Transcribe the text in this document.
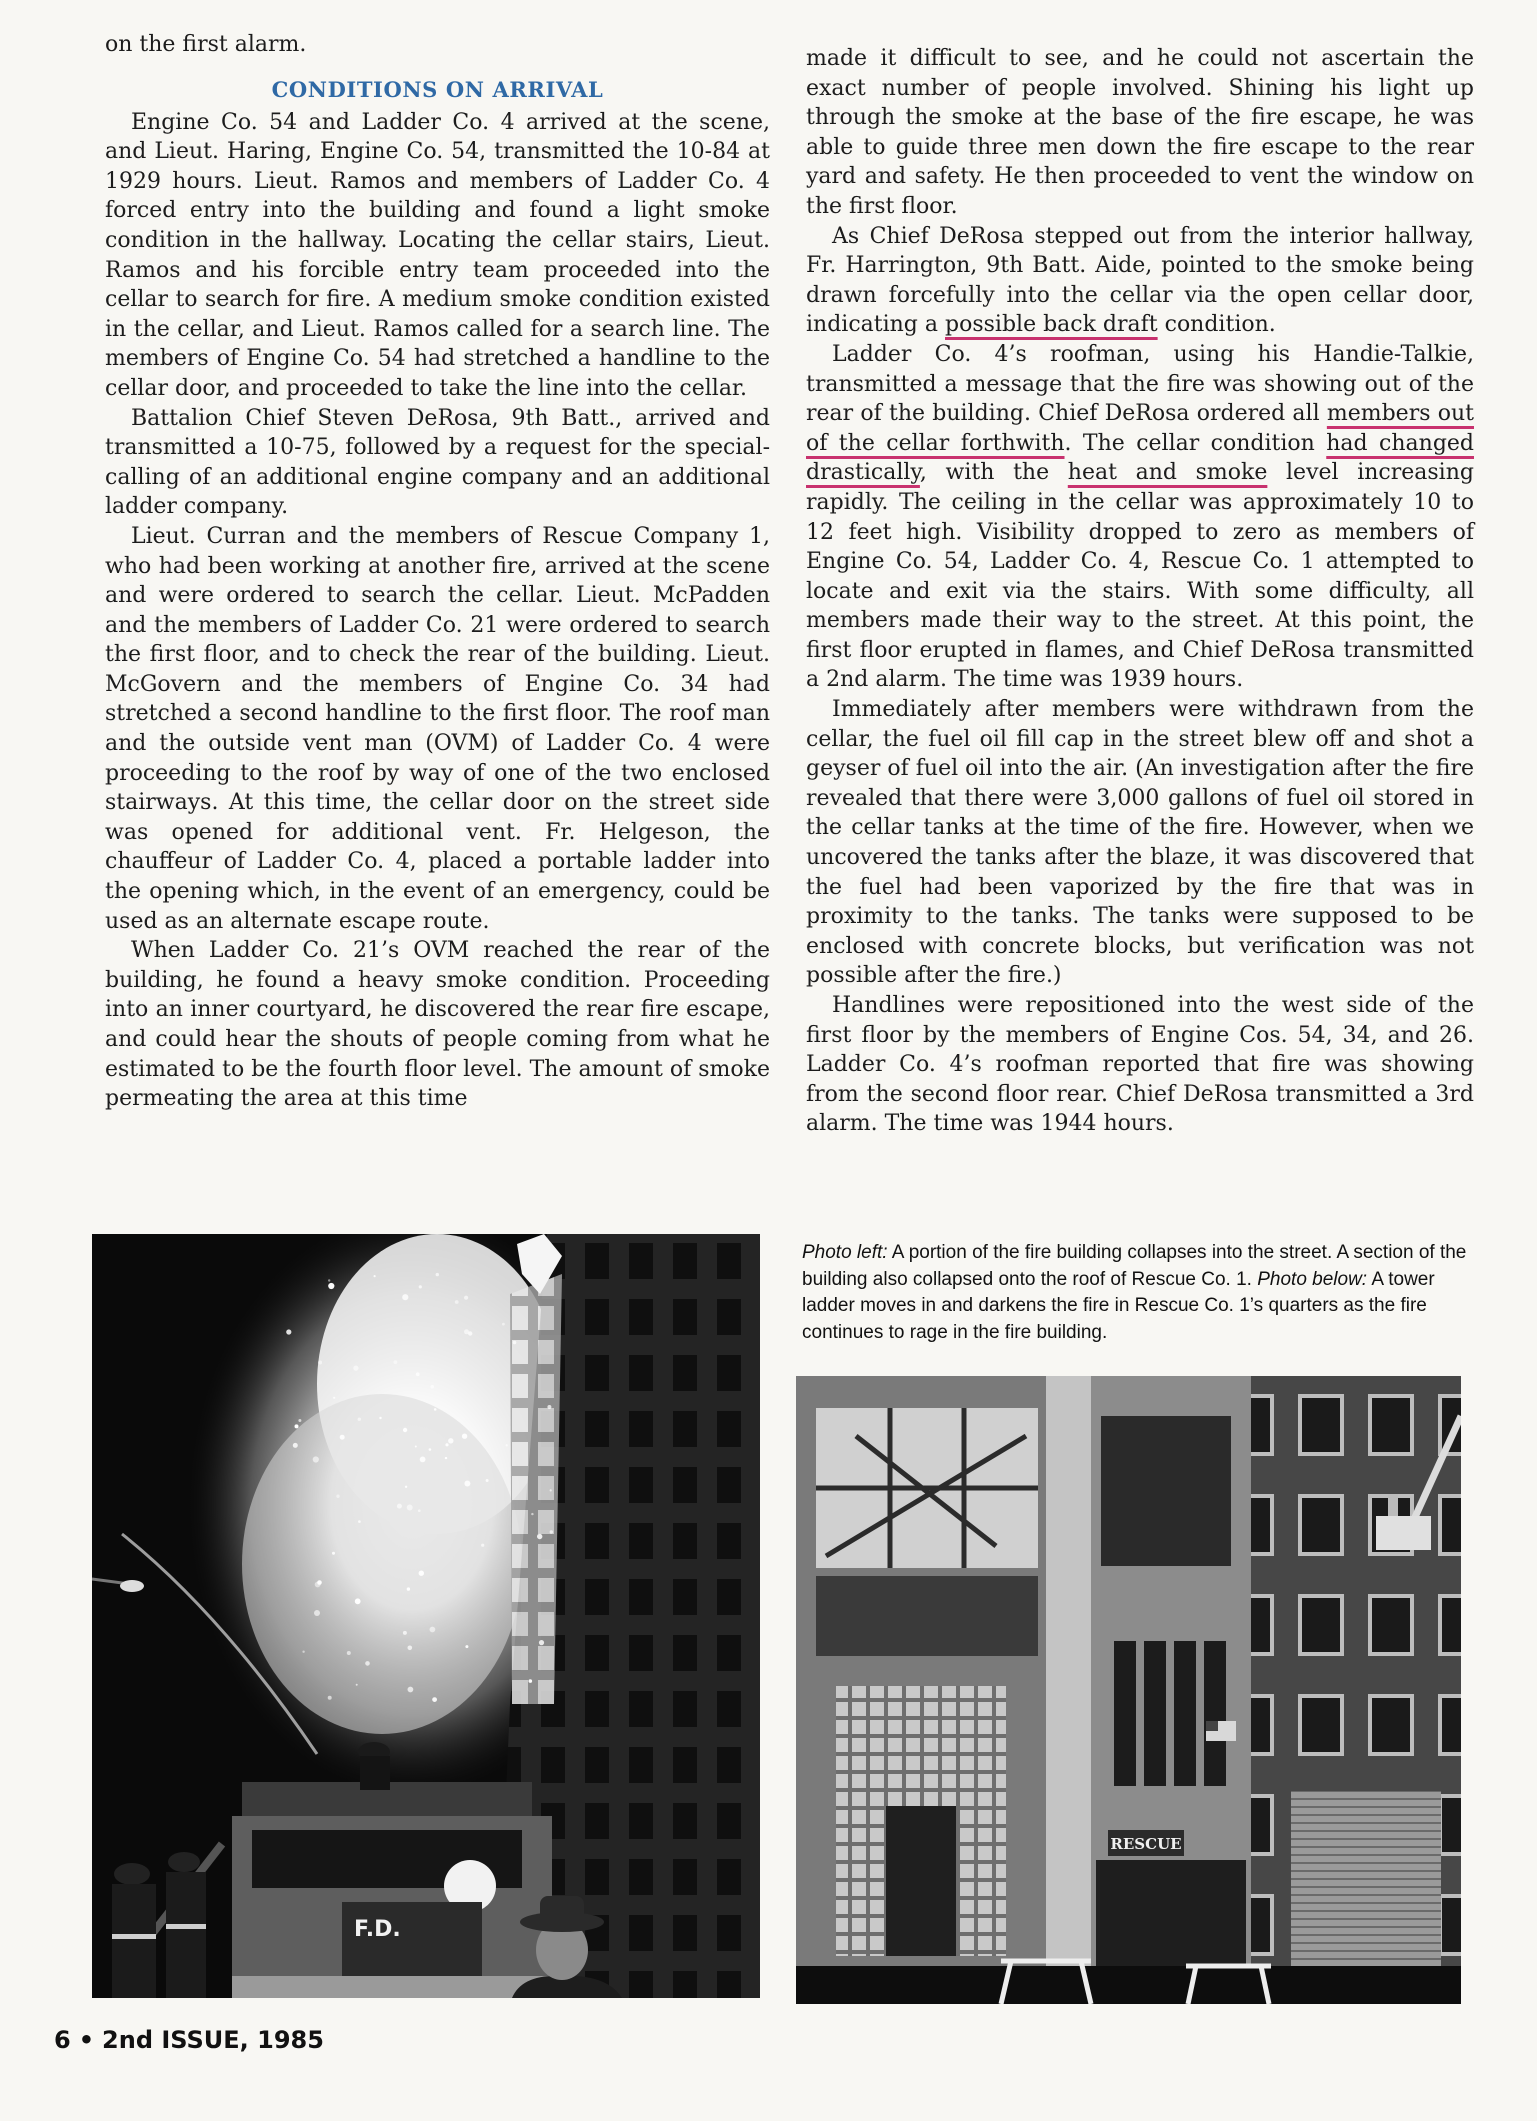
on the first alarm.

CONDITIONS ON ARRIVAL

Engine Co. 54 and Ladder Co. 4 arrived at the scene, and Lieut. Haring, Engine Co. 54, transmitted the 10-84 at 1929 hours. Lieut. Ramos and members of Ladder Co. 4 forced entry into the building and found a light smoke condition in the hallway. Locating the cellar stairs, Lieut. Ramos and his forcible entry team proceeded into the cellar to search for fire. A medium smoke condition existed in the cellar, and Lieut. Ramos called for a search line. The members of Engine Co. 54 had stretched a handline to the cellar door, and proceeded to take the line into the cellar.

Battalion Chief Steven DeRosa, 9th Batt., arrived and transmitted a 10-75, followed by a request for the special-calling of an additional engine company and an additional ladder company.

Lieut. Curran and the members of Rescue Company 1, who had been working at another fire, arrived at the scene and were ordered to search the cellar. Lieut. McPadden and the members of Ladder Co. 21 were ordered to search the first floor, and to check the rear of the building. Lieut. McGovern and the members of Engine Co. 34 had stretched a second handline to the first floor. The roof man and the outside vent man (OVM) of Ladder Co. 4 were proceeding to the roof by way of one of the two enclosed stairways. At this time, the cellar door on the street side was opened for additional vent. Fr. Helgeson, the chauffeur of Ladder Co. 4, placed a portable ladder into the opening which, in the event of an emergency, could be used as an alternate escape route.

When Ladder Co. 21’s OVM reached the rear of the building, he found a heavy smoke condition. Proceeding into an inner courtyard, he discovered the rear fire escape, and could hear the shouts of people coming from what he estimated to be the fourth floor level. The amount of smoke permeating the area at this time

made it difficult to see, and he could not ascertain the exact number of people involved. Shining his light up through the smoke at the base of the fire escape, he was able to guide three men down the fire escape to the rear yard and safety. He then proceeded to vent the window on the first floor.

As Chief DeRosa stepped out from the interior hallway, Fr. Harrington, 9th Batt. Aide, pointed to the smoke being drawn forcefully into the cellar via the open cellar door, indicating a possible back draft condition.

Ladder Co. 4’s roofman, using his Handie-Talkie, transmitted a message that the fire was showing out of the rear of the building. Chief DeRosa ordered all members out of the cellar forthwith. The cellar condition had changed drastically, with the heat and smoke level increasing rapidly. The ceiling in the cellar was approximately 10 to 12 feet high. Visibility dropped to zero as members of Engine Co. 54, Ladder Co. 4, Rescue Co. 1 attempted to locate and exit via the stairs. With some difficulty, all members made their way to the street. At this point, the first floor erupted in flames, and Chief DeRosa transmitted a 2nd alarm. The time was 1939 hours.

Immediately after members were withdrawn from the cellar, the fuel oil fill cap in the street blew off and shot a geyser of fuel oil into the air. (An investigation after the fire revealed that there were 3,000 gallons of fuel oil stored in the cellar tanks at the time of the fire. However, when we uncovered the tanks after the blaze, it was discovered that the fuel had been vaporized by the fire that was in proximity to the tanks. The tanks were supposed to be enclosed with concrete blocks, but verification was not possible after the fire.)

Handlines were repositioned into the west side of the first floor by the members of Engine Cos. 54, 34, and 26. Ladder Co. 4’s roofman reported that fire was showing from the second floor rear. Chief DeRosa transmitted a 3rd alarm. The time was 1944 hours.

Photo left: A portion of the fire building collapses into the street. A section of the building also collapsed onto the roof of Rescue Co. 1. Photo below: A tower ladder moves in and darkens the fire in Rescue Co. 1’s quarters as the fire continues to rage in the fire building.
F.D.
RESCUE
6 • 2nd ISSUE, 1985
